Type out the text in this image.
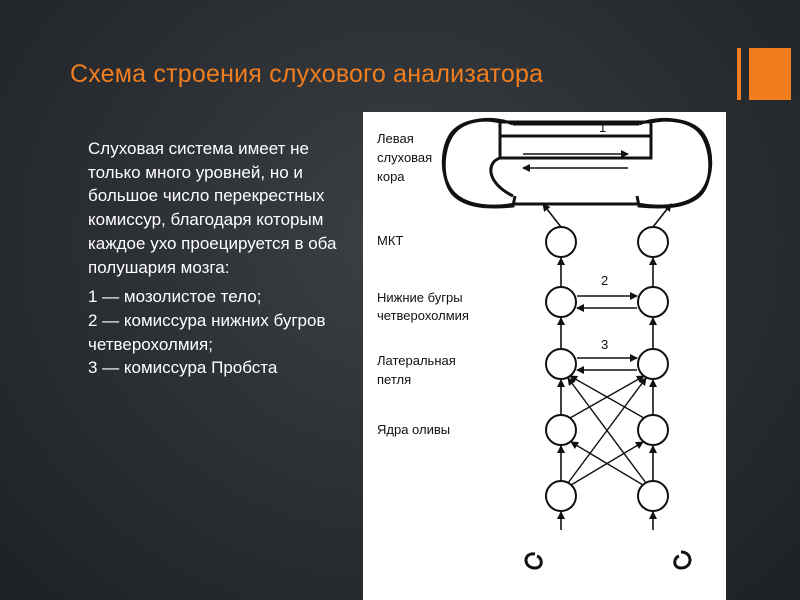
Схема строения слухового анализатора

Слуховая система имеет не только много уровней, но и большое число перекрестных комиссур, благодаря которым каждое ухо проецируется в оба полушария мозга:

1 — мозолистое тело;
2 — комиссура нижних бугров четверохолмия;
3 — комиссура Пробста
Левая
слуховая
кора
МКТ
Нижние бугры
четверохолмия
Латеральная
петля
Ядра оливы
1
2
3
